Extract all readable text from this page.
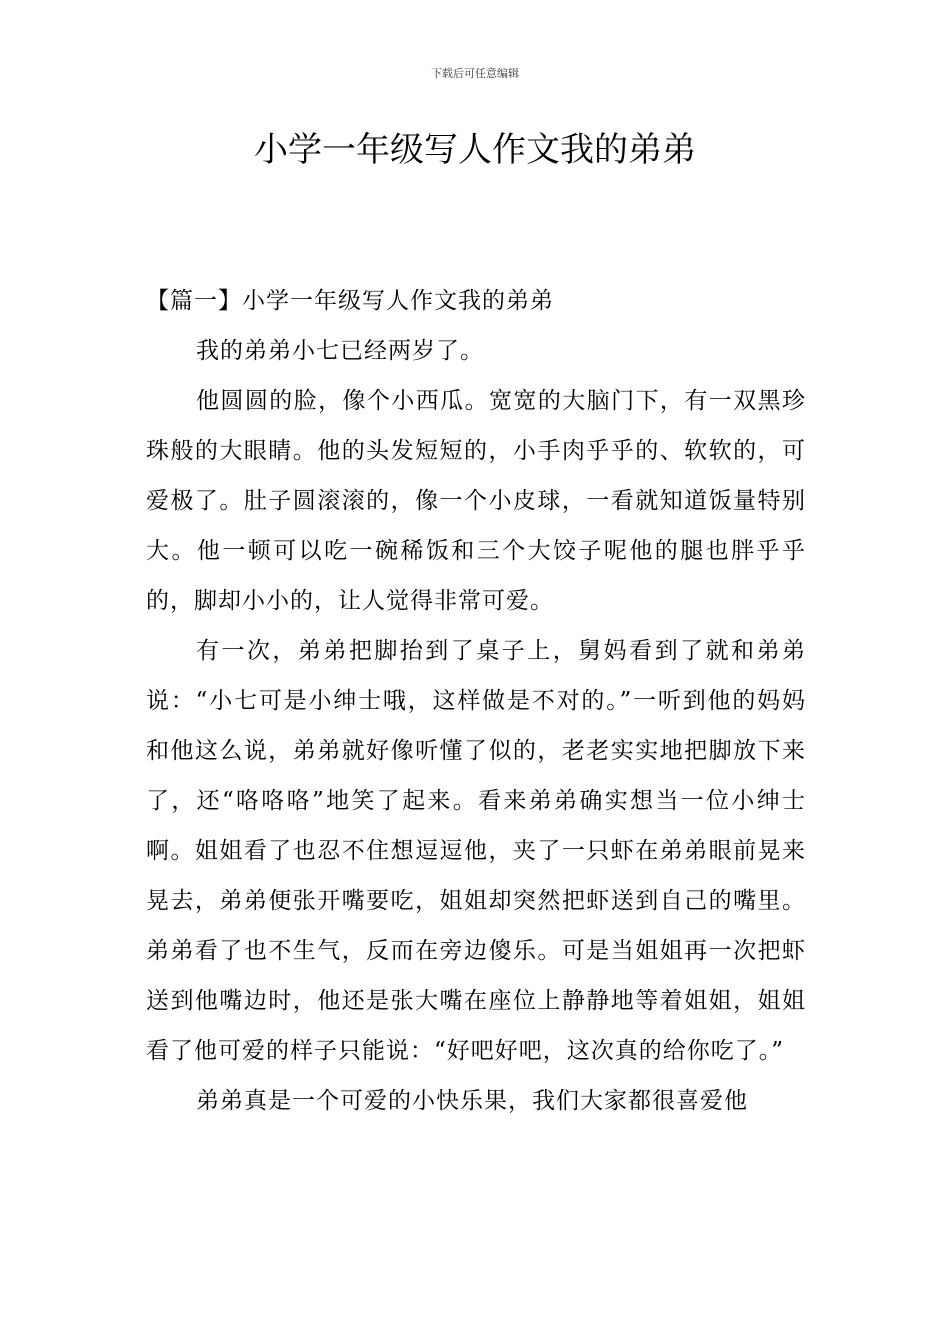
下载后可任意编辑
小学一年级写人作文我的弟弟

【篇一】小学一年级写人作文我的弟弟

我的弟弟小七已经两岁了。

他圆圆的脸，像个小西瓜。宽宽的大脑门下，有一双黑珍珠般的大眼睛。他的头发短短的，小手肉乎乎的、软软的，可爱极了。肚子圆滚滚的，像一个小皮球，一看就知道饭量特别大。他一顿可以吃一碗稀饭和三个大饺子呢他的腿也胖乎乎的，脚却小小的，让人觉得非常可爱。

有一次，弟弟把脚抬到了桌子上，舅妈看到了就和弟弟说：“小七可是小绅士哦，这样做是不对的。”一听到他的妈妈和他这么说，弟弟就好像听懂了似的，老老实实地把脚放下来了，还“咯咯咯”地笑了起来。看来弟弟确实想当一位小绅士啊。姐姐看了也忍不住想逗逗他，夹了一只虾在弟弟眼前晃来晃去，弟弟便张开嘴要吃，姐姐却突然把虾送到自己的嘴里。弟弟看了也不生气，反而在旁边傻乐。可是当姐姐再一次把虾送到他嘴边时，他还是张大嘴在座位上静静地等着姐姐，姐姐看了他可爱的样子只能说：“好吧好吧，这次真的给你吃了。”

弟弟真是一个可爱的小快乐果，我们大家都很喜爱他
